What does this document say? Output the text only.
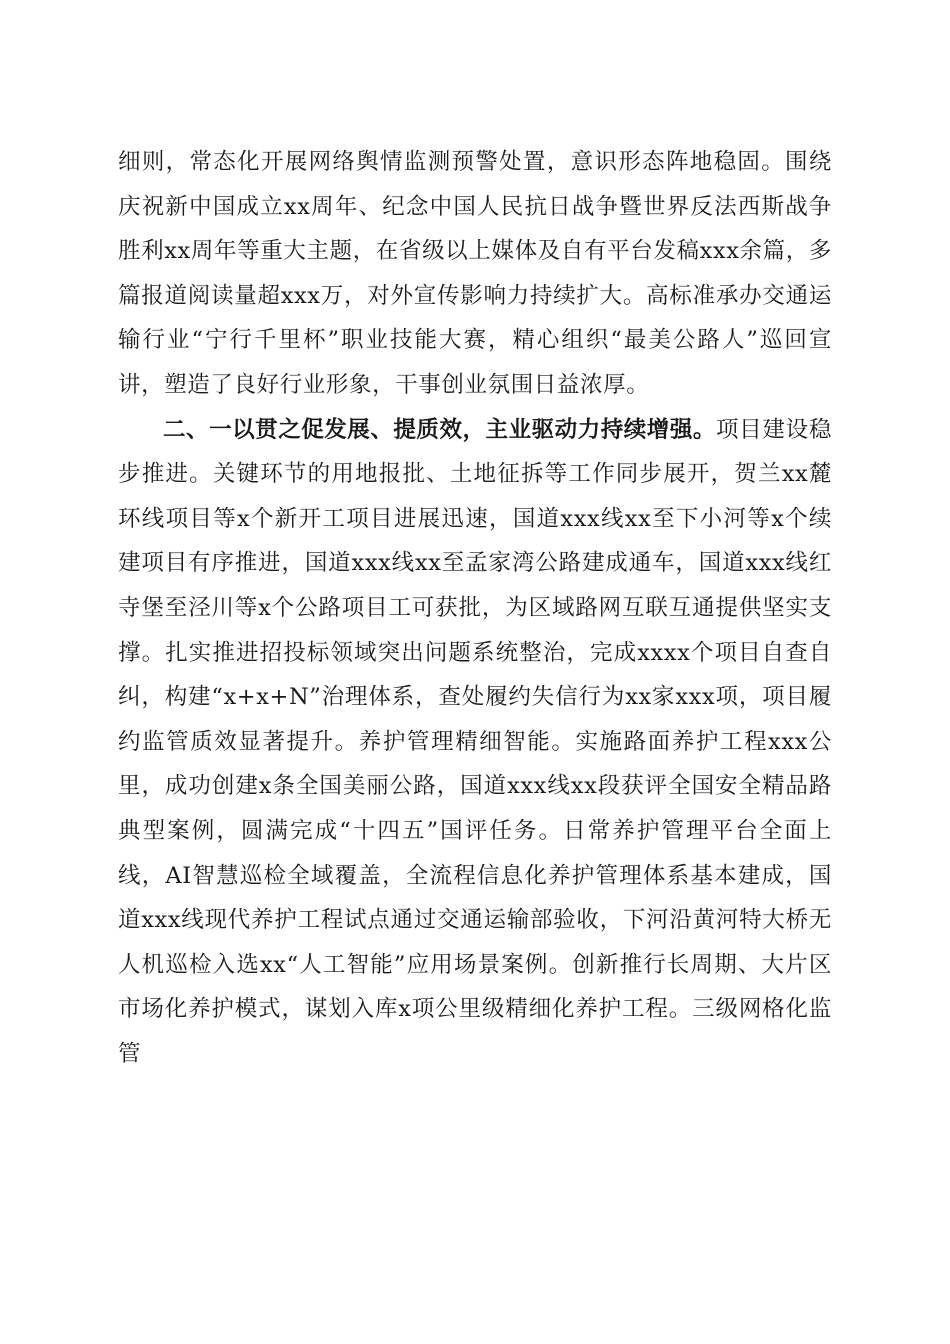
细则，常态化开展网络舆情监测预警处置，意识形态阵地稳固。围绕庆祝新中国成立xx周年、纪念中国人民抗日战争暨世界反法西斯战争胜利xx周年等重大主题，在省级以上媒体及自有平台发稿xxx余篇，多篇报道阅读量超xxx万，对外宣传影响力持续扩大。高标准承办交通运输行业“宁行千里杯”职业技能大赛，精心组织“最美公路人”巡回宣讲，塑造了良好行业形象，干事创业氛围日益浓厚。

二、一以贯之促发展、提质效，主业驱动力持续增强。项目建设稳步推进。关键环节的用地报批、土地征拆等工作同步展开，贺兰xx麓环线项目等x个新开工项目进展迅速，国道xxx线xx至下小河等x个续建项目有序推进，国道xxx线xx至孟家湾公路建成通车，国道xxx线红寺堡至泾川等x个公路项目工可获批，为区域路网互联互通提供坚实支撑。扎实推进招投标领域突出问题系统整治，完成xxxx个项目自查自纠，构建“x+x+N”治理体系，查处履约失信行为xx家xxx项，项目履约监管质效显著提升。养护管理精细智能。实施路面养护工程xxx公里，成功创建x条全国美丽公路，国道xxx线xx段获评全国安全精品路典型案例，圆满完成“十四五”国评任务。日常养护管理平台全面上线，AI智慧巡检全域覆盖，全流程信息化养护管理体系基本建成，国道xxx线现代养护工程试点通过交通运输部验收，下河沿黄河特大桥无人机巡检入选xx“人工智能”应用场景案例。创新推行长周期、大片区市场化养护模式，谋划入库x项公里级精细化养护工程。三级网格化监管
